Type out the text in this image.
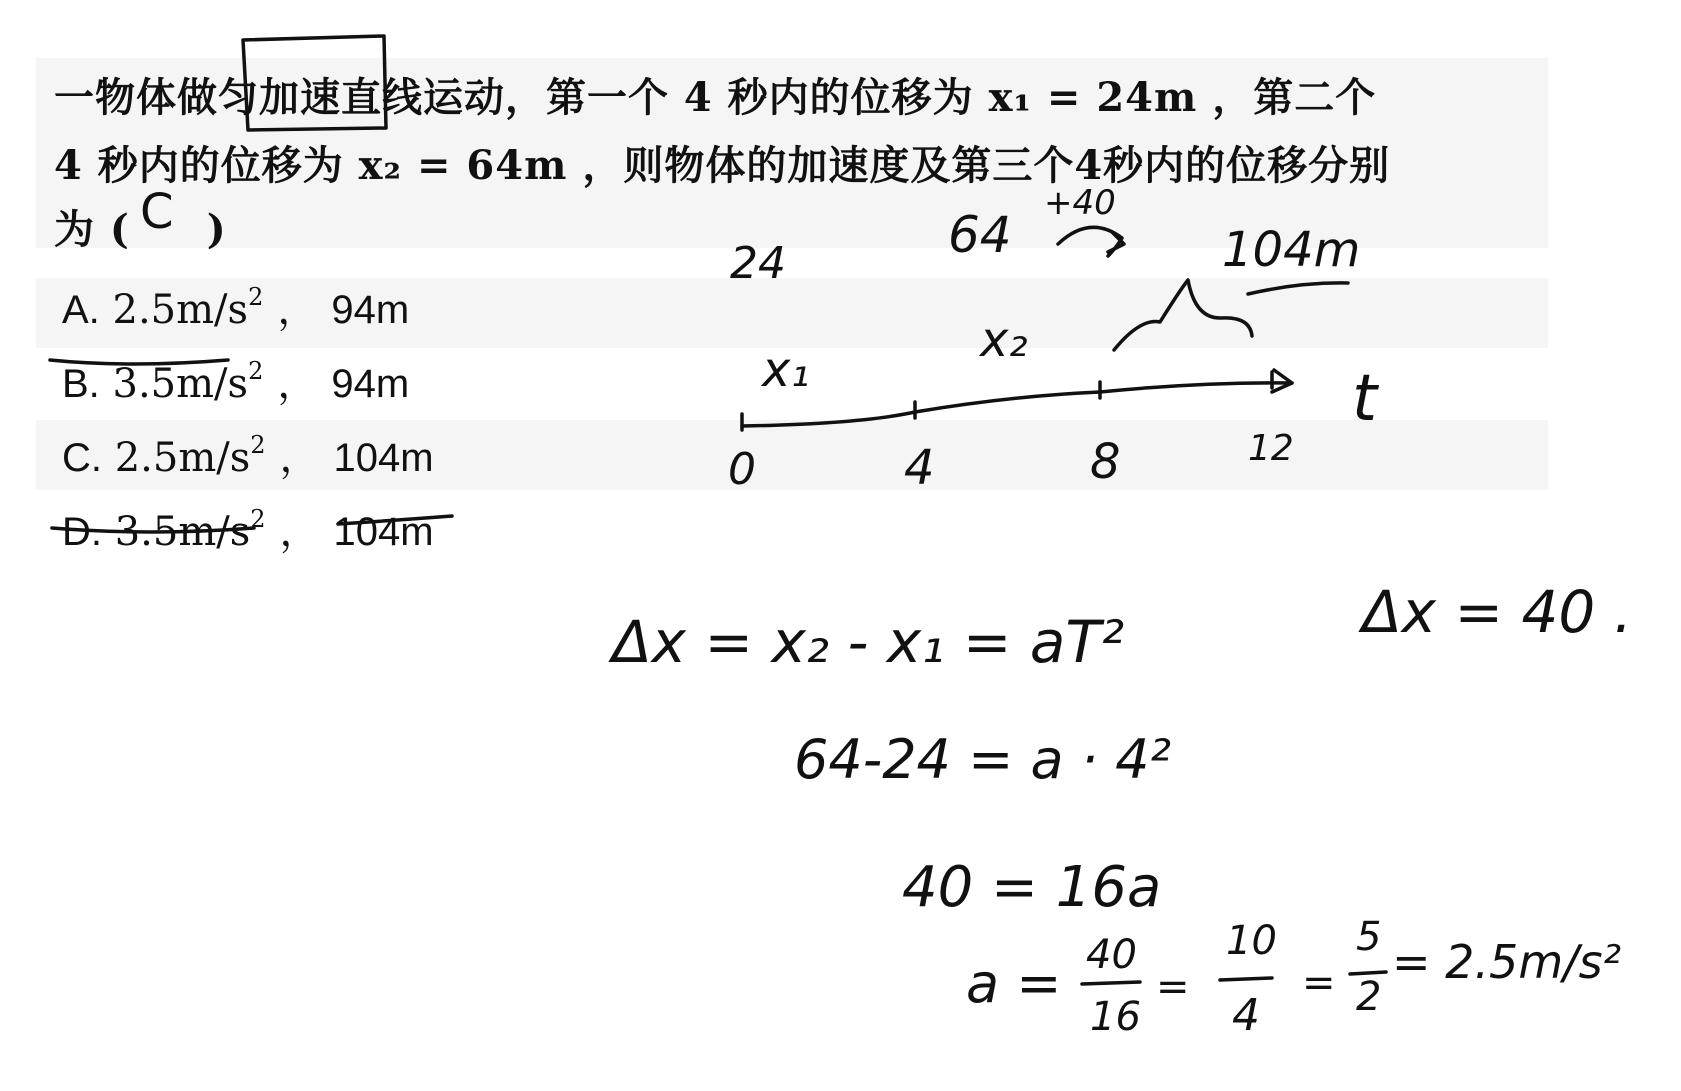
一物体做匀加速直线运动，第一个 4 秒内的位移为 x₁ = 24m ，第二个
4 秒内的位移为 x₂ = 64m ，则物体的加速度及第三个4秒内的位移分别
为 ( C )
A. $2.5m/s^2$ ， 94m
B. $3.5m/s^2$ ， 94m
C. $2.5m/s^2$ ， 104m
D. $3.5m/s^2$ ， 104m
24	64
+40
104m
x₁
x₂
t
0	4	8	12
Δx = x₂ - x₁ = aT²	Δx = 40 .
64-24 = a · 4²
40 = 16a
a = 40
16
=
10
4
=
5
2
= 2.5m/s²
